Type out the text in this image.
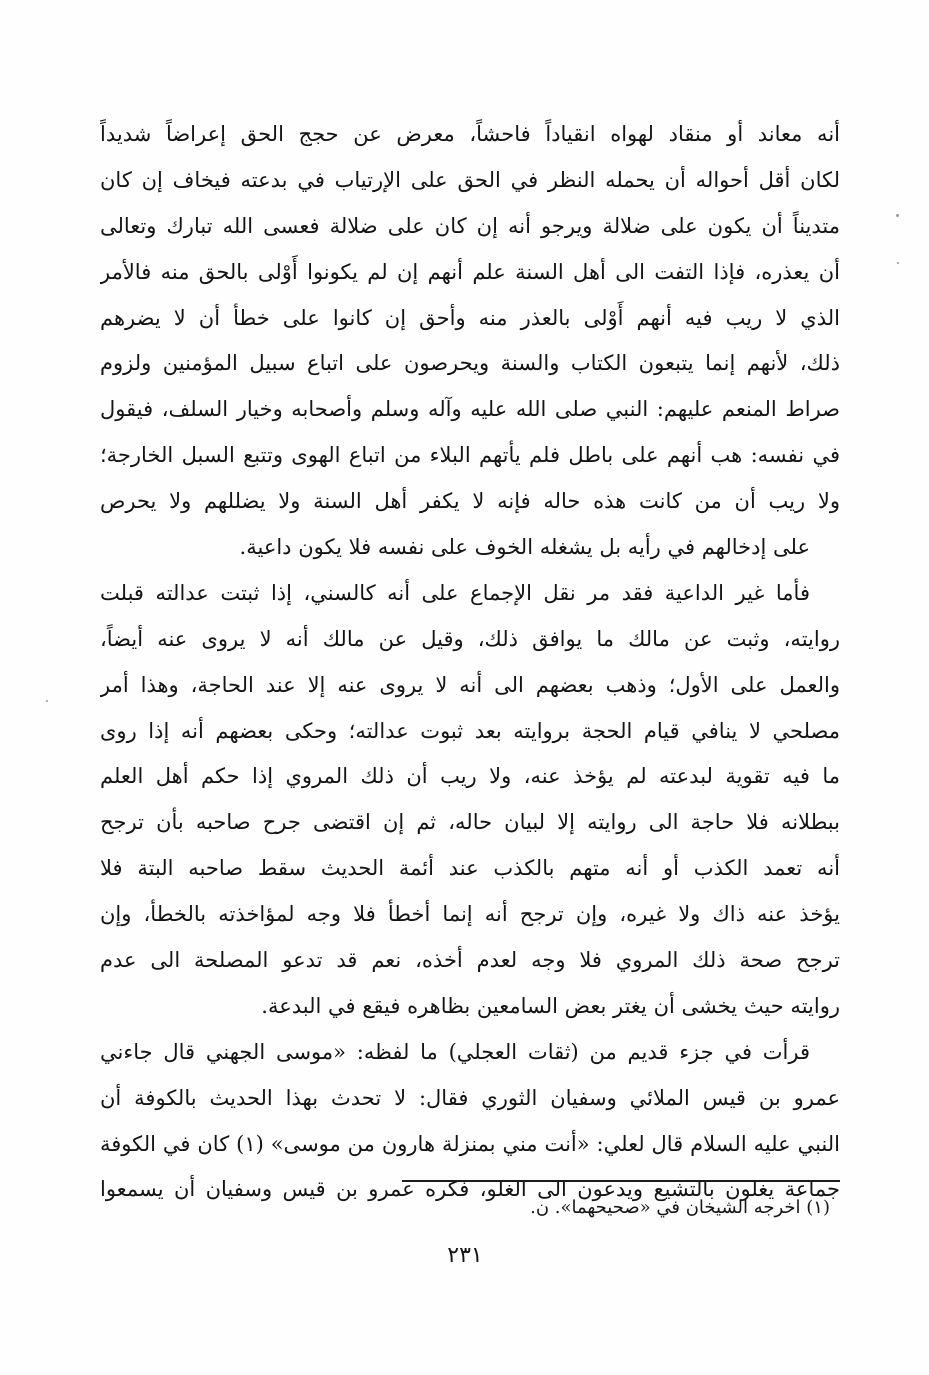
أنه معاند أو منقاد لهواه انقياداً فاحشاً، معرض عن حجج الحق إعراضاً شديداً
لكان أقل أحواله أن يحمله النظر في الحق على الإرتياب في بدعته فيخاف إن كان
متديناً أن يكون على ضلالة ويرجو أنه إن كان على ضلالة فعسى الله تبارك وتعالى
أن يعذره، فإذا التفت الى أهل السنة علم أنهم إن لم يكونوا أَوْلى بالحق منه فالأمر
الذي لا ريب فيه أنهم أَوْلى بالعذر منه وأحق إن كانوا على خطأ أن لا يضرهم
ذلك، لأنهم إنما يتبعون الكتاب والسنة ويحرصون على اتباع سبيل المؤمنين ولزوم
صراط المنعم عليهم: النبي صلى الله عليه وآله وسلم وأصحابه وخيار السلف، فيقول
في نفسه: هب أنهم على باطل فلم يأتهم البلاء من اتباع الهوى وتتبع السبل الخارجة؛
ولا ريب أن من كانت هذه حاله فإنه لا يكفر أهل السنة ولا يضللهم ولا يحرص
على إدخالهم في رأيه بل يشغله الخوف على نفسه فلا يكون داعية.
فأما غير الداعية فقد مر نقل الإجماع على أنه كالسني، إذا ثبتت عدالته قبلت
روايته، وثبت عن مالك ما يوافق ذلك، وقيل عن مالك أنه لا يروى عنه أيضاً،
والعمل على الأول؛ وذهب بعضهم الى أنه لا يروى عنه إلا عند الحاجة، وهذا أمر
مصلحي لا ينافي قيام الحجة بروايته بعد ثبوت عدالته؛ وحكى بعضهم أنه إذا روى
ما فيه تقوية لبدعته لم يؤخذ عنه، ولا ريب أن ذلك المروي إذا حكم أهل العلم
ببطلانه فلا حاجة الى روايته إلا لبيان حاله، ثم إن اقتضى جرح صاحبه بأن ترجح
أنه تعمد الكذب أو أنه متهم بالكذب عند أئمة الحديث سقط صاحبه البتة فلا
يؤخذ عنه ذاك ولا غيره، وإن ترجح أنه إنما أخطأ فلا وجه لمؤاخذته بالخطأ، وإن
ترجح صحة ذلك المروي فلا وجه لعدم أخذه، نعم قد تدعو المصلحة الى عدم
روايته حيث يخشى أن يغتر بعض السامعين بظاهره فيقع في البدعة.
قرأت في جزء قديم من (ثقات العجلي) ما لفظه: «موسى الجهني قال جاءني
عمرو بن قيس الملائي وسفيان الثوري فقال: لا تحدث بهذا الحديث بالكوفة أن
النبي عليه السلام قال لعلي: «أنت مني بمنزلة هارون من موسى» (١) كان في الكوفة
جماعة يغلون بالتشيع ويدعون الى الغلو، فكره عمرو بن قيس وسفيان أن يسمعوا
(١) اخرجه الشيخان في «صحيحهما». ن.
٢٣١
